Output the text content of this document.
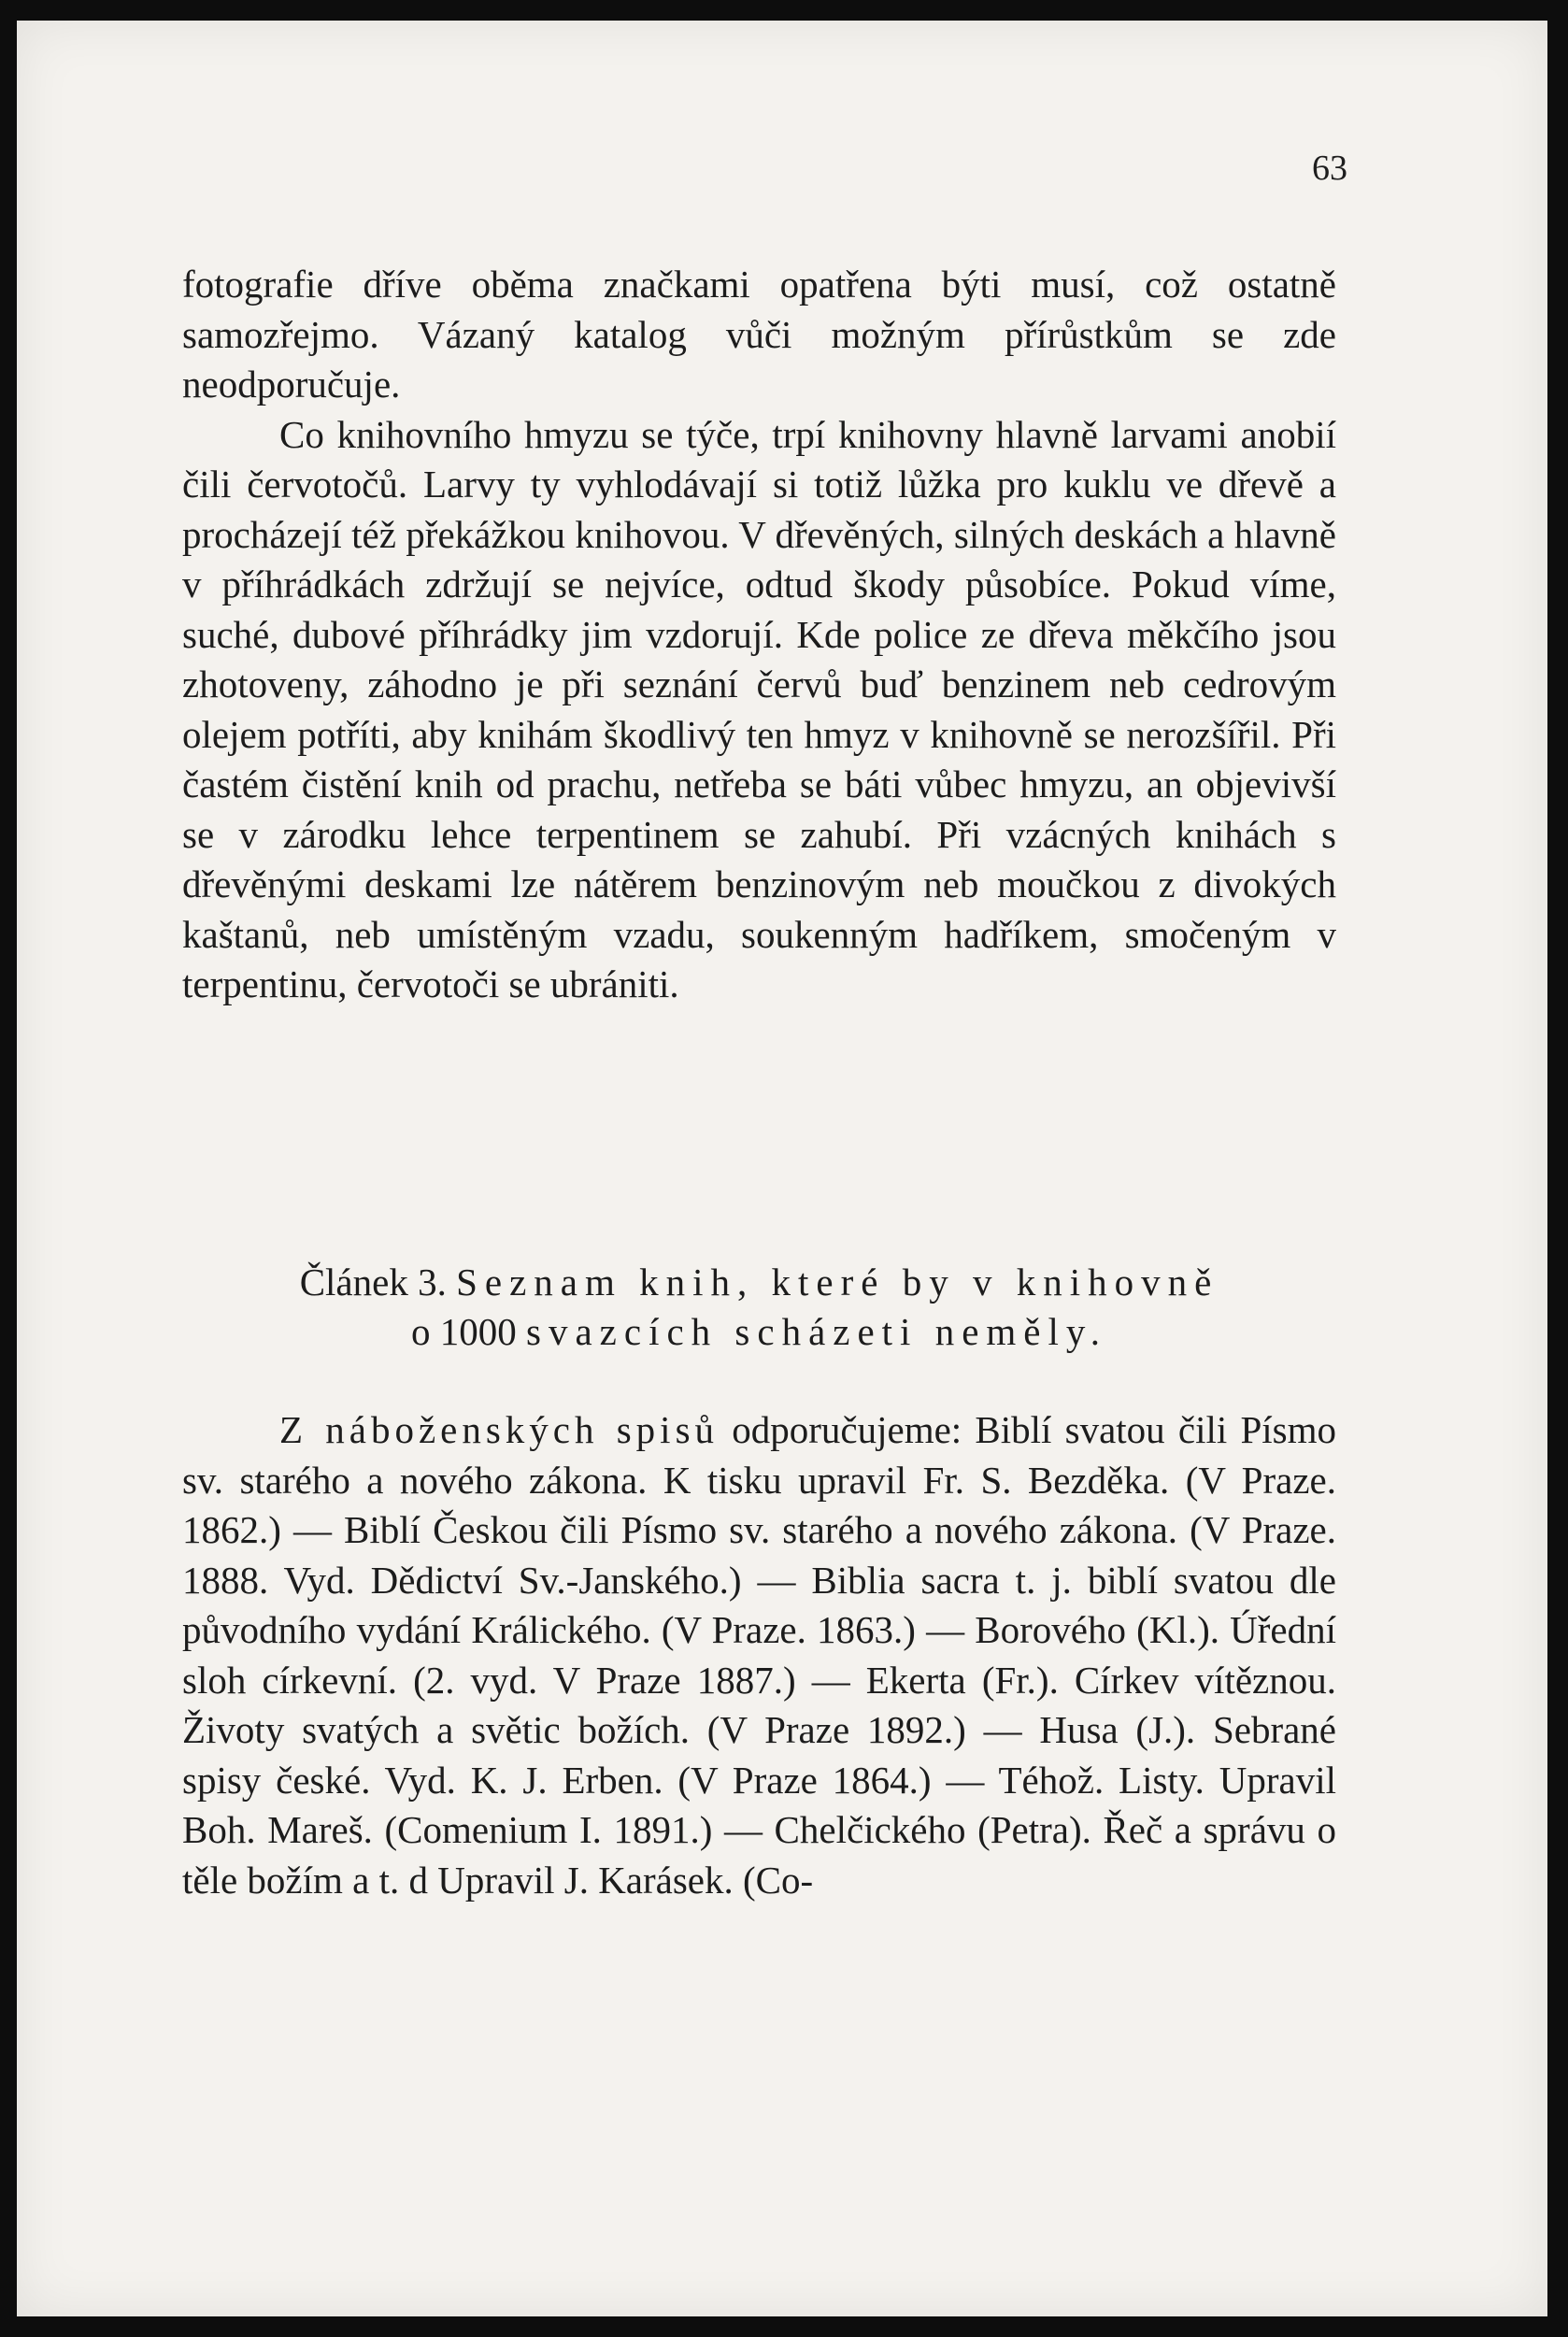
63

fotografie dříve oběma značkami opatřena býti musí, což ostatně samozřejmo. Vázaný katalog vůči možným přírůstkům se zde neodporučuje.

Co knihovního hmyzu se týče, trpí knihovny hlavně larvami anobií čili červotočů. Larvy ty vyhlodávají si totiž lůžka pro kuklu ve dřevě a procházejí též překážkou knihovou. V dřevěných, silných deskách a hlavně v příhrádkách zdržují se nejvíce, odtud škody působíce. Pokud víme, suché, dubové příhrádky jim vzdorují. Kde police ze dřeva měkčího jsou zhotoveny, záhodno je při seznání červů buď benzinem neb cedrovým olejem potříti, aby knihám škodlivý ten hmyz v knihovně se nerozšířil. Při častém čistění knih od prachu, netřeba se báti vůbec hmyzu, an objevivší se v zárodku lehce terpentinem se zahubí. Při vzácných knihách s dřevěnými deskami lze nátěrem benzinovým neb moučkou z divokých kaštanů, neb umístěným vzadu, soukenným hadříkem, smočeným v terpentinu, červotoči se ubrániti.

Článek 3. Seznam knih, které by v knihovně
o 1000 svazcích scházeti neměly.

Z náboženských spisů odporučujeme: Biblí svatou čili Písmo sv. starého a nového zákona. K tisku upravil Fr. S. Bezděka. (V Praze. 1862.) — Biblí Českou čili Písmo sv. starého a nového zákona. (V Praze. 1888. Vyd. Dědictví Sv.-Janského.) — Biblia sacra t. j. biblí svatou dle původního vydání Králického. (V Praze. 1863.) — Borového (Kl.). Úřední sloh církevní. (2. vyd. V Praze 1887.) — Ekerta (Fr.). Církev vítěznou. Životy svatých a světic božích. (V Praze 1892.) — Husa (J.). Sebrané spisy české. Vyd. K. J. Erben. (V Praze 1864.) — Téhož. Listy. Upravil Boh. Mareš. (Comenium I. 1891.) — Chelčického (Petra). Řeč a správu o těle božím a t. d Upravil J. Karásek. (Co-
